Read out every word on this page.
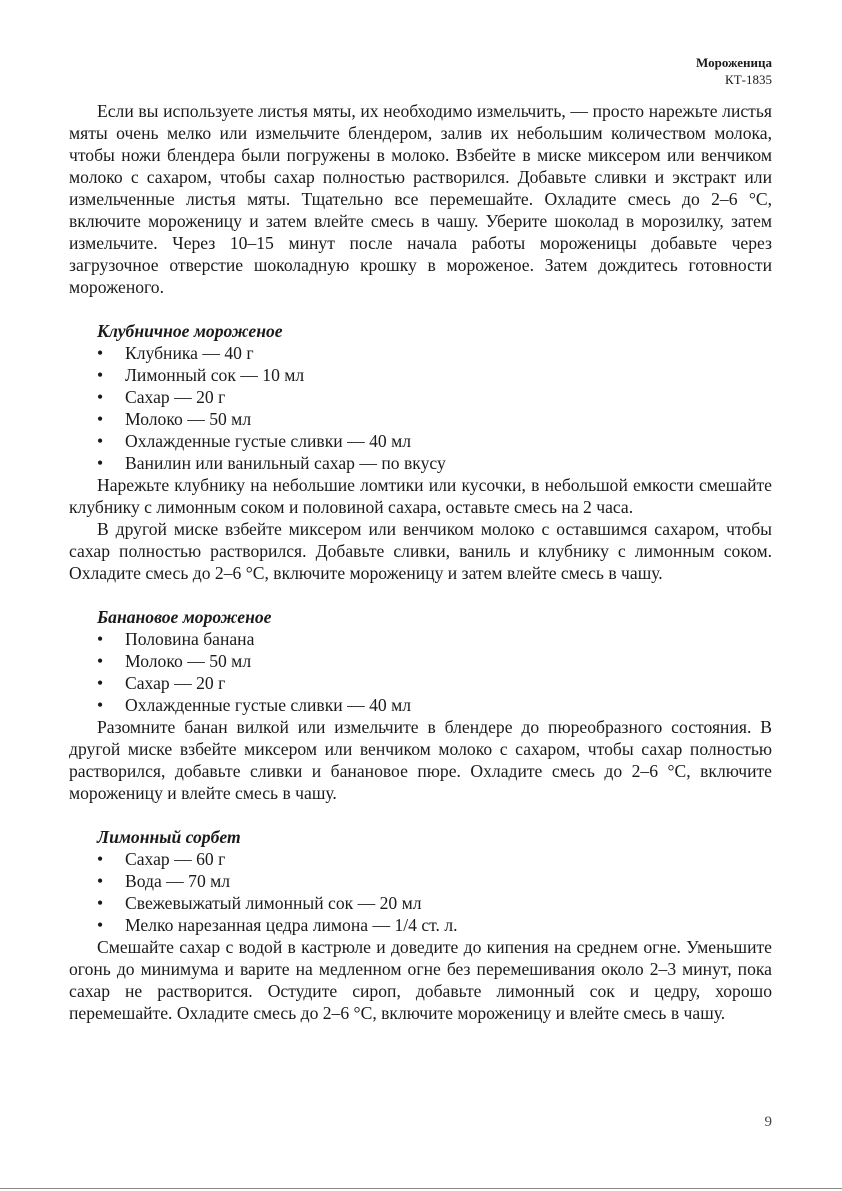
Мороженица
КТ-1835

Если вы используете листья мяты, их необходимо измельчить, — просто нарежьте листья мяты очень мелко или измельчите блендером, залив их небольшим количеством молока, чтобы ножи блендера были погружены в молоко. Взбейте в миске миксером или венчиком молоко с сахаром, чтобы сахар полностью растворился. Добавьте сливки и экстракт или измельченные листья мяты. Тщательно все перемешайте. Охладите смесь до 2–6 °С, включите мороженицу и затем влейте смесь в чашу. Уберите шоколад в морозилку, затем измельчите. Через 10–15 минут после начала работы мороженицы добавьте через загрузочное отверстие шоколадную крошку в мороженое. Затем дождитесь готовности мороженого.

Клубничное мороженое
• Клубника — 40 г
• Лимонный сок — 10 мл
• Сахар — 20 г
• Молоко — 50 мл
• Охлажденные густые сливки — 40 мл
• Ванилин или ванильный сахар — по вкусу

Нарежьте клубнику на небольшие ломтики или кусочки, в небольшой емкости смешайте клубнику с лимонным соком и половиной сахара, оставьте смесь на 2 часа.

В другой миске взбейте миксером или венчиком молоко с оставшимся сахаром, чтобы сахар полностью растворился. Добавьте сливки, ваниль и клубнику с лимонным соком. Охладите смесь до 2–6 °С, включите мороженицу и затем влейте смесь в чашу.

Банановое мороженое
• Половина банана
• Молоко — 50 мл
• Сахар — 20 г
• Охлажденные густые сливки — 40 мл

Разомните банан вилкой или измельчите в блендере до пюреобразного состояния. В другой миске взбейте миксером или венчиком молоко с сахаром, чтобы сахар полностью растворился, добавьте сливки и банановое пюре. Охладите смесь до 2–6 °С, включите мороженицу и влейте смесь в чашу.

Лимонный сорбет
• Сахар — 60 г
• Вода — 70 мл
• Свежевыжатый лимонный сок — 20 мл
• Мелко нарезанная цедра лимона — 1/4 ст. л.

Смешайте сахар с водой в кастрюле и доведите до кипения на среднем огне. Уменьшите огонь до минимума и варите на медленном огне без перемешивания около 2–3 минут, пока сахар не растворится. Остудите сироп, добавьте лимонный сок и цедру, хорошо перемешайте. Охладите смесь до 2–6 °С, включите мороженицу и влейте смесь в чашу.

9
